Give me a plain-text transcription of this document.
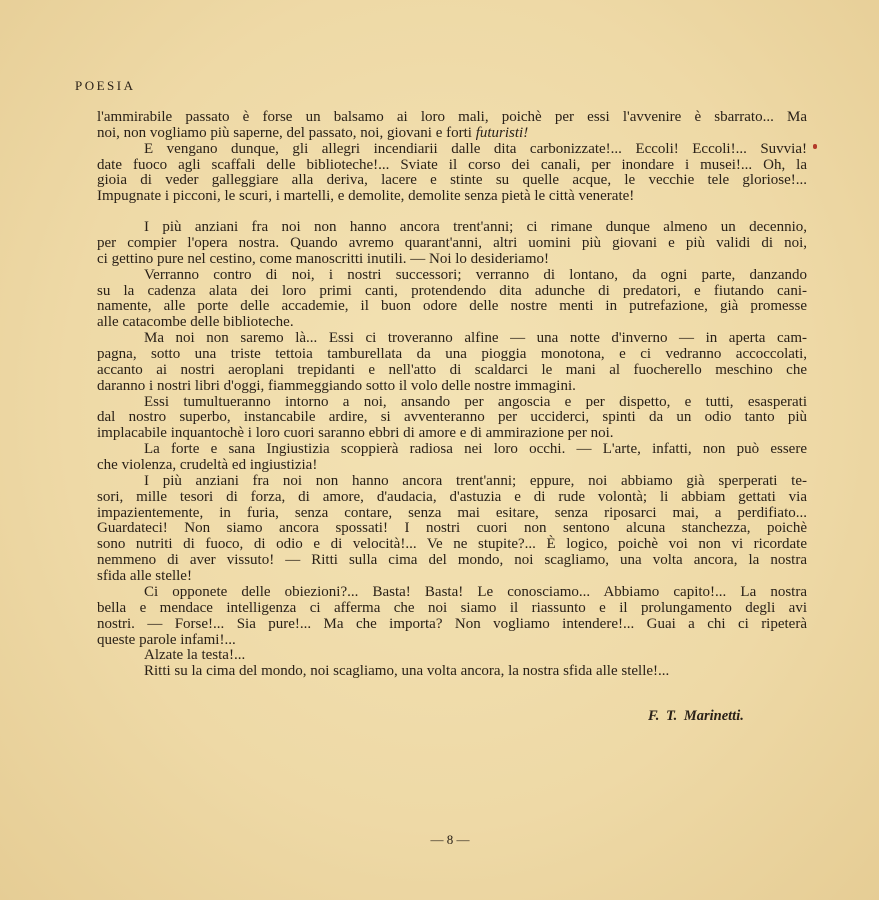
POESIA
l'ammirabile passato è forse un balsamo ai loro mali, poichè per essi l'avvenire è sbarrato... Ma
noi, non vogliamo più saperne, del passato, noi, giovani e forti futuristi!
E vengano dunque, gli allegri incendiarii dalle dita carbonizzate!... Eccoli! Eccoli!... Suvvia!
date fuoco agli scaffali delle biblioteche!... Sviate il corso dei canali, per inondare i musei!... Oh, la
gioia di veder galleggiare alla deriva, lacere e stinte su quelle acque, le vecchie tele gloriose!...
Impugnate i picconi, le scuri, i martelli, e demolite, demolite senza pietà le città venerate!
I più anziani fra noi non hanno ancora trent'anni; ci rimane dunque almeno un decennio,
per compier l'opera nostra. Quando avremo quarant'anni, altri uomini più giovani e più validi di noi,
ci gettino pure nel cestino, come manoscritti inutili. — Noi lo desideriamo!
Verranno contro di noi, i nostri successori; verranno di lontano, da ogni parte, danzando
su la cadenza alata dei loro primi canti, protendendo dita adunche di predatori, e fiutando cani-
namente, alle porte delle accademie, il buon odore delle nostre menti in putrefazione, già promesse
alle catacombe delle biblioteche.
Ma noi non saremo là... Essi ci troveranno alfine — una notte d'inverno — in aperta cam-
pagna, sotto una triste tettoia tamburellata da una pioggia monotona, e ci vedranno accoccolati,
accanto ai nostri aeroplani trepidanti e nell'atto di scaldarci le mani al fuocherello meschino che
daranno i nostri libri d'oggi, fiammeggiando sotto il volo delle nostre immagini.
Essi tumultueranno intorno a noi, ansando per angoscia e per dispetto, e tutti, esasperati
dal nostro superbo, instancabile ardire, si avventeranno per ucciderci, spinti da un odio tanto più
implacabile inquantochè i loro cuori saranno ebbri di amore e di ammirazione per noi.
La forte e sana Ingiustizia scoppierà radiosa nei loro occhi. — L'arte, infatti, non può essere
che violenza, crudeltà ed ingiustizia!
I più anziani fra noi non hanno ancora trent'anni; eppure, noi abbiamo già sperperati te-
sori, mille tesori di forza, di amore, d'audacia, d'astuzia e di rude volontà; li abbiam gettati via
impazientemente, in furia, senza contare, senza mai esitare, senza riposarci mai, a perdifiato...
Guardateci! Non siamo ancora spossati! I nostri cuori non sentono alcuna stanchezza, poichè
sono nutriti di fuoco, di odio e di velocità!... Ve ne stupite?... È logico, poichè voi non vi ricordate
nemmeno di aver vissuto! — Ritti sulla cima del mondo, noi scagliamo, una volta ancora, la nostra
sfida alle stelle!
Ci opponete delle obiezioni?... Basta! Basta! Le conosciamo... Abbiamo capito!... La nostra
bella e mendace intelligenza ci afferma che noi siamo il riassunto e il prolungamento degli avi
nostri. — Forse!... Sia pure!... Ma che importa? Non vogliamo intendere!... Guai a chi ci ripeterà
queste parole infami!...
Alzate la testa!...
Ritti su la cima del mondo, noi scagliamo, una volta ancora, la nostra sfida alle stelle!...
F. T. Marinetti.
— 8 —
